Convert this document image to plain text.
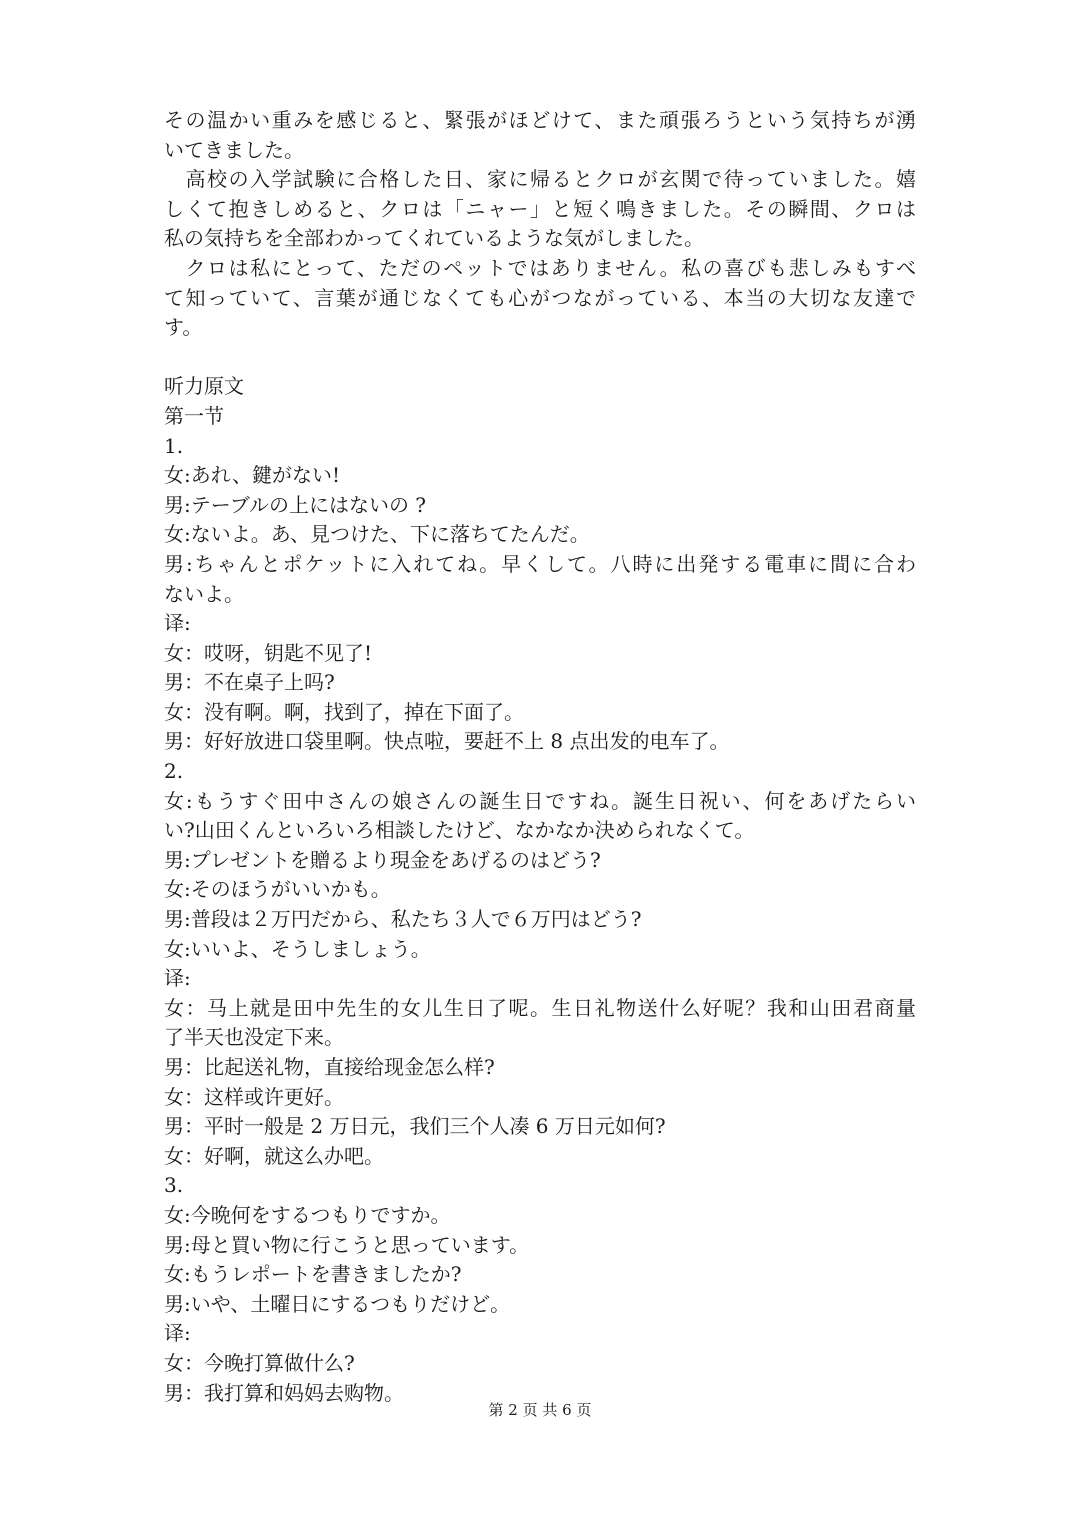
その温かい重みを感じると、緊張がほどけて、また頑張ろうという気持ちが湧
いてきました。
　高校の入学試験に合格した日、家に帰るとクロが玄関で待っていました。嬉
しくて抱きしめると、クロは「ニャー」と短く鳴きました。その瞬間、クロは
私の気持ちを全部わかってくれているような気がしました。
　クロは私にとって、ただのペットではありません。私の喜びも悲しみもすべ
て知っていて、言葉が通じなくても心がつながっている、本当の大切な友達で
す。
听力原文
第一节
1.
女:あれ、鍵がない!
男:テーブルの上にはないの ?
女:ないよ。あ、見つけた、下に落ちてたんだ。
男:ちゃんとポケットに入れてね。早くして。八時に出発する電車に間に合わ
ないよ。
译:
女：哎呀，钥匙不见了!
男：不在桌子上吗?
女：没有啊。啊，找到了，掉在下面了。
男：好好放进口袋里啊。快点啦，要赶不上 8 点出发的电车了。
2.
女:もうすぐ田中さんの娘さんの誕生日ですね。誕生日祝い、何をあげたらい
い?山田くんといろいろ相談したけど、なかなか決められなくて。
男:プレゼントを贈るより現金をあげるのはどう?
女:そのほうがいいかも。
男:普段は２万円だから、私たち３人で６万円はどう?
女:いいよ、そうしましょう。
译:
女：马上就是田中先生的女儿生日了呢。生日礼物送什么好呢？我和山田君商量
了半天也没定下来。
男：比起送礼物，直接给现金怎么样?
女：这样或许更好。
男：平时一般是 2 万日元，我们三个人凑 6 万日元如何?
女：好啊，就这么办吧。
3.
女:今晩何をするつもりですか。
男:母と買い物に行こうと思っています。
女:もうレポートを書きましたか?
男:いや、土曜日にするつもりだけど。
译:
女：今晚打算做什么?
男：我打算和妈妈去购物。
第 2 页 共 6 页
